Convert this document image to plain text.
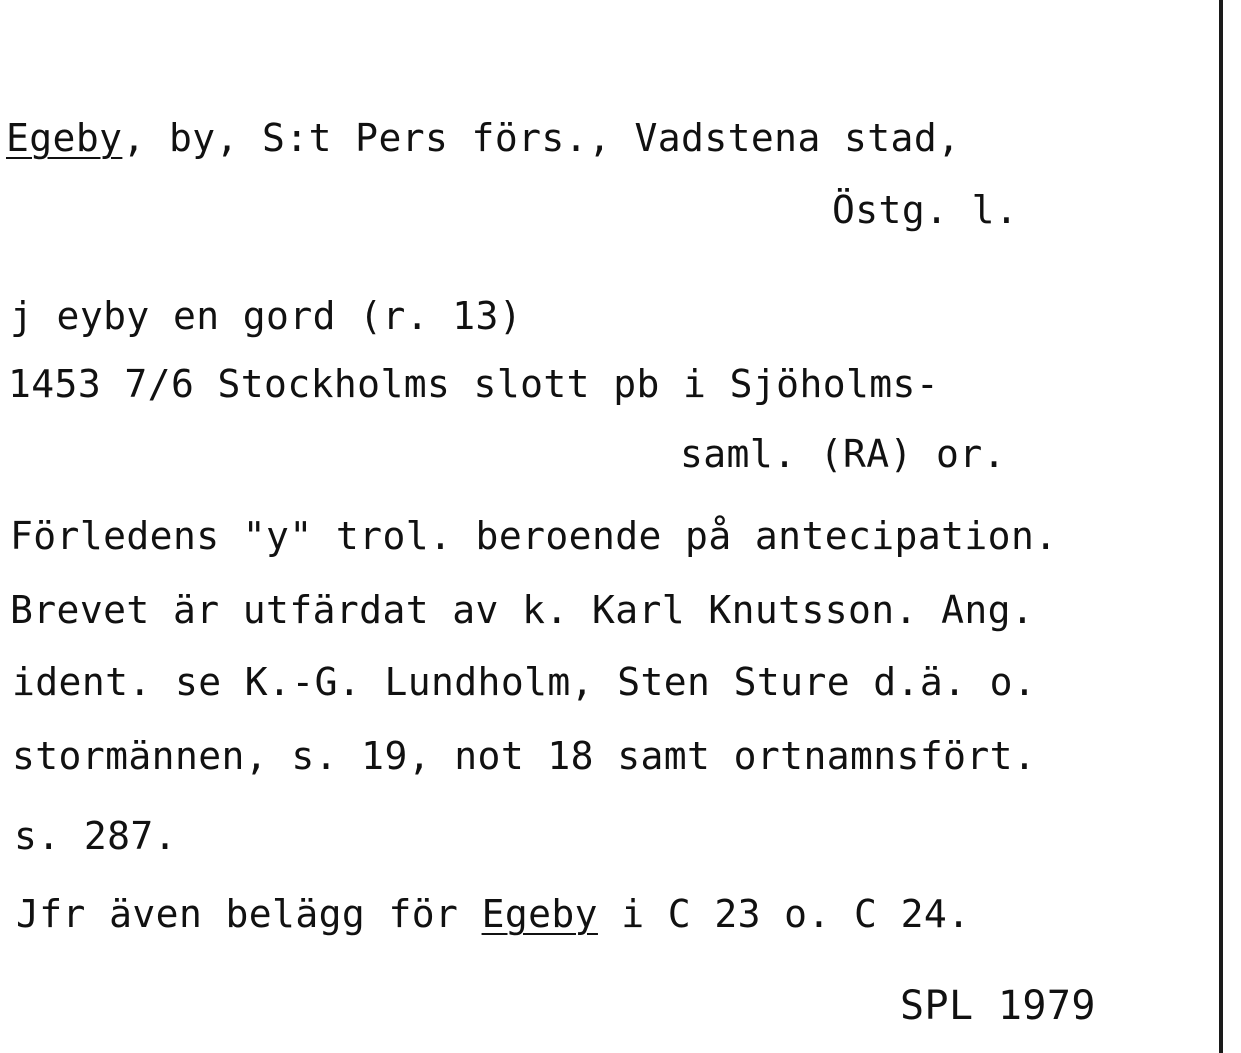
Egeby, by, S:t Pers förs., Vadstena stad,
Östg. l.
j eyby en gord (r. 13)
1453 7/6 Stockholms slott pb i Sjöholms-
saml. (RA) or.
Förledens "y" trol. beroende på antecipation.
Brevet är utfärdat av k. Karl Knutsson. Ang.
ident. se K.-G. Lundholm, Sten Sture d.ä. o.
stormännen, s. 19, not 18 samt ortnamnsfört.
s. 287.
Jfr även belägg för Egeby i C 23 o. C 24.
SPL 1979
